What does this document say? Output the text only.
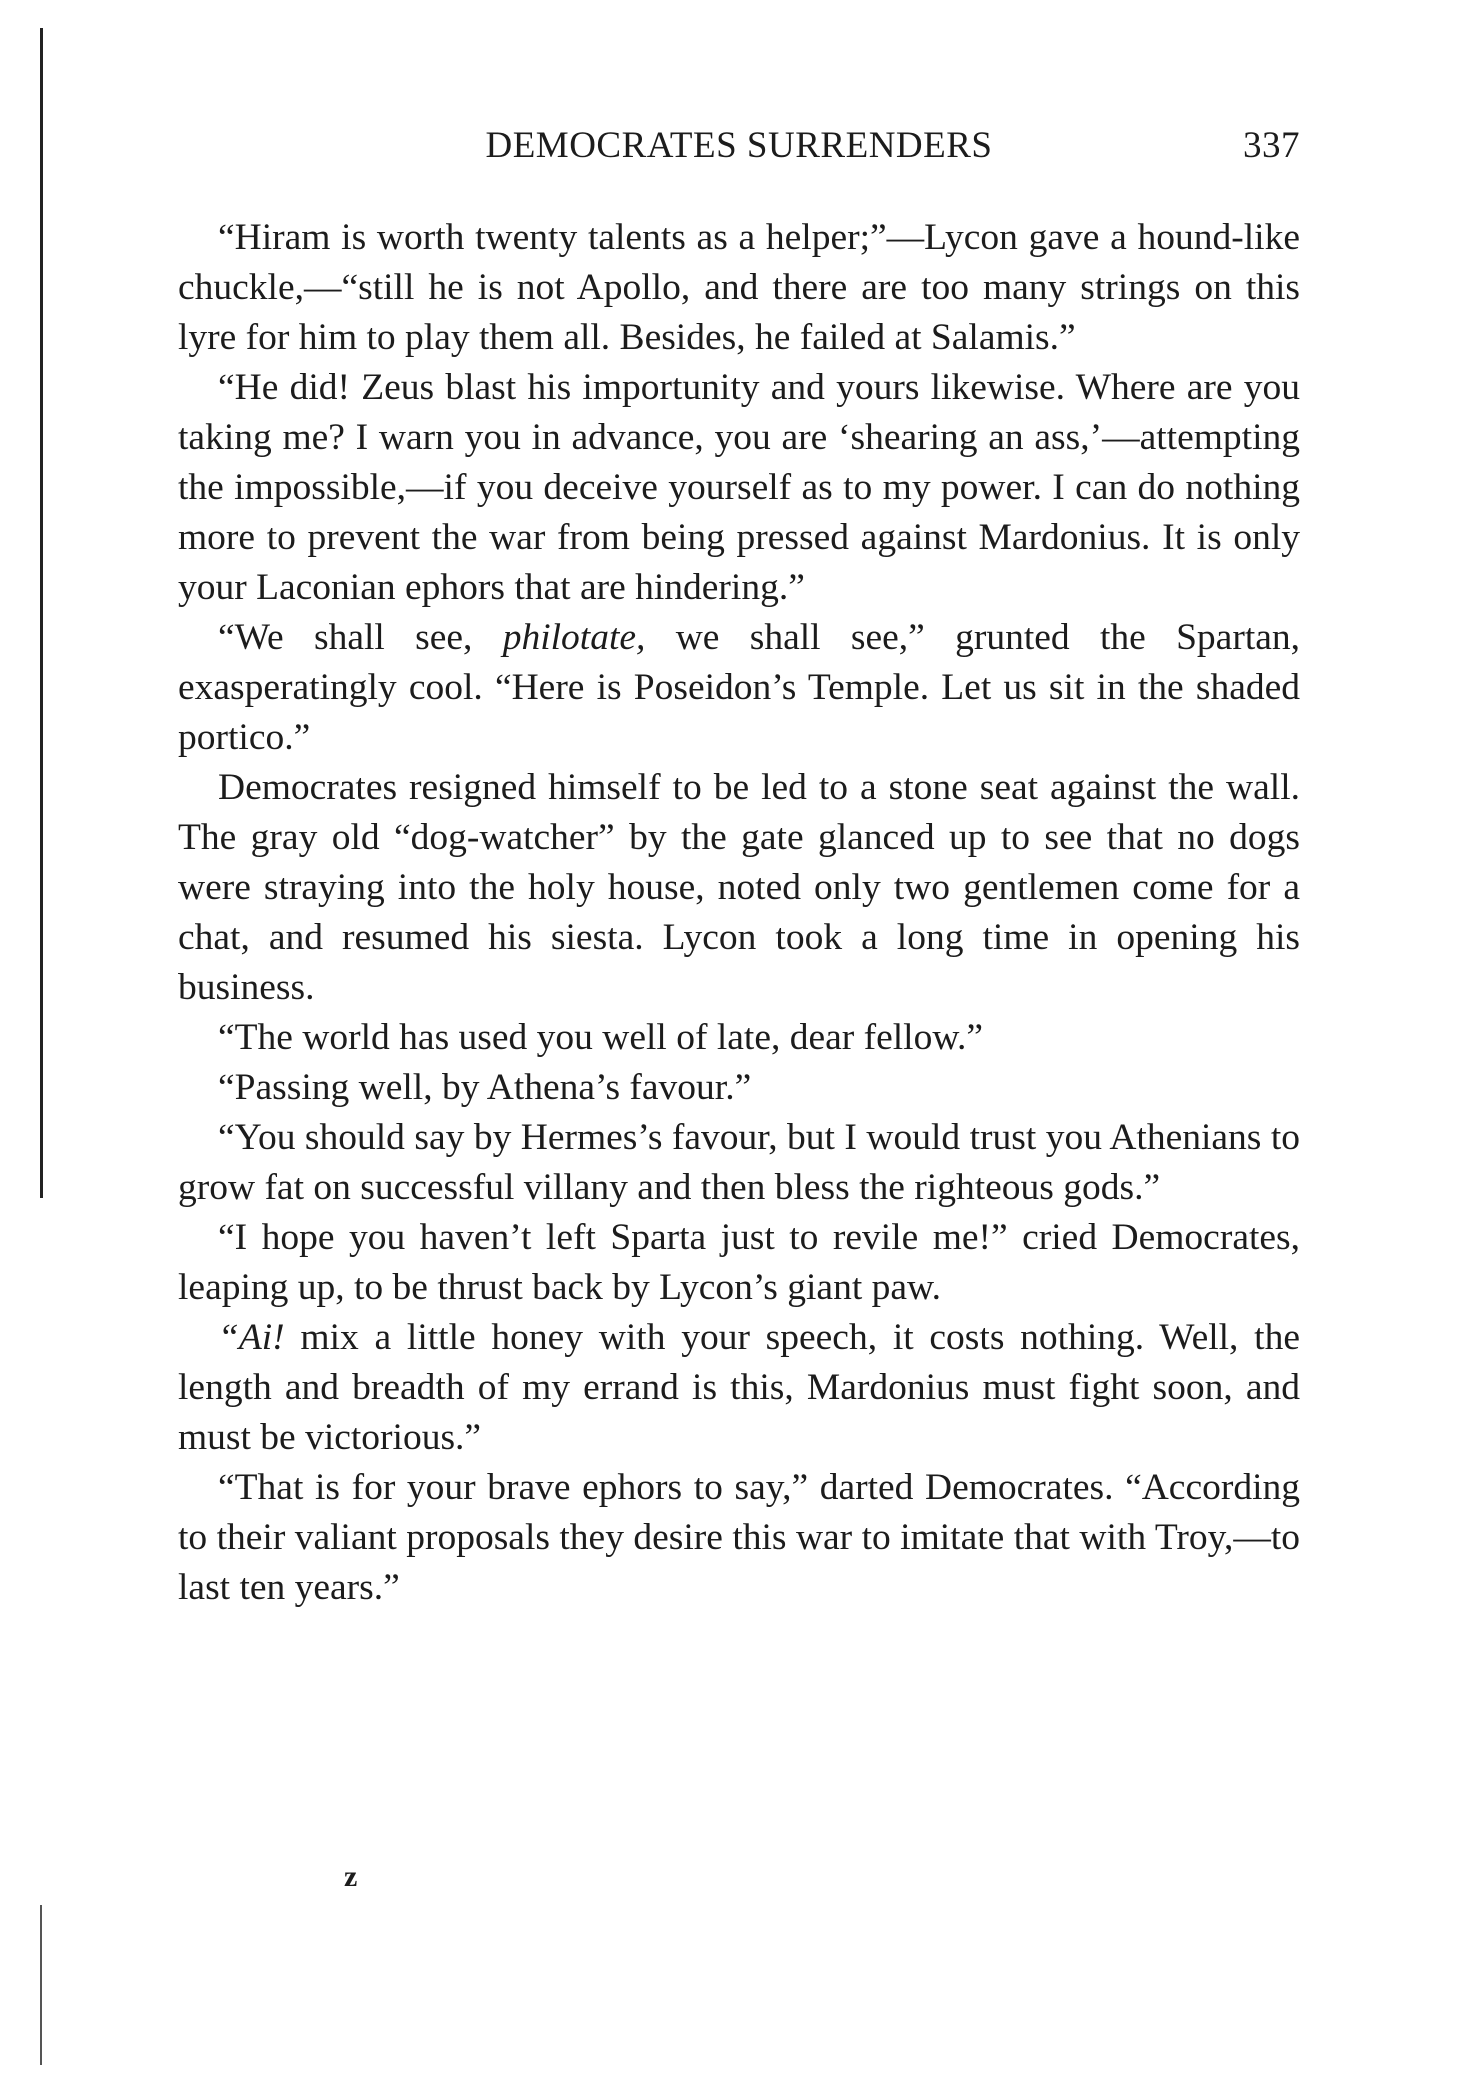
DEMOCRATES SURRENDERS	337

“Hiram is worth twenty talents as a helper;”—Lycon gave a hound-like chuckle,—“still he is not Apollo, and there are too many strings on this lyre for him to play them all. Besides, he failed at Salamis.”

“He did! Zeus blast his importunity and yours likewise. Where are you taking me? I warn you in advance, you are ‘shearing an ass,’—attempting the impossible,—if you deceive yourself as to my power. I can do nothing more to prevent the war from being pressed against Mardonius. It is only your Laconian ephors that are hindering.”

“We shall see, philotate, we shall see,” grunted the Spartan, exasperatingly cool. “Here is Poseidon’s Temple. Let us sit in the shaded portico.”

Democrates resigned himself to be led to a stone seat against the wall. The gray old “dog-watcher” by the gate glanced up to see that no dogs were straying into the holy house, noted only two gentlemen come for a chat, and resumed his siesta. Lycon took a long time in opening his business.

“The world has used you well of late, dear fellow.”

“Passing well, by Athena’s favour.”

“You should say by Hermes’s favour, but I would trust you Athenians to grow fat on successful villany and then bless the righteous gods.”

“I hope you haven’t left Sparta just to revile me!” cried Democrates, leaping up, to be thrust back by Lycon’s giant paw.

“Ai! mix a little honey with your speech, it costs nothing. Well, the length and breadth of my errand is this, Mardonius must fight soon, and must be victorious.”

“That is for your brave ephors to say,” darted Democrates. “According to their valiant proposals they desire this war to imitate that with Troy,—to last ten years.”

z
